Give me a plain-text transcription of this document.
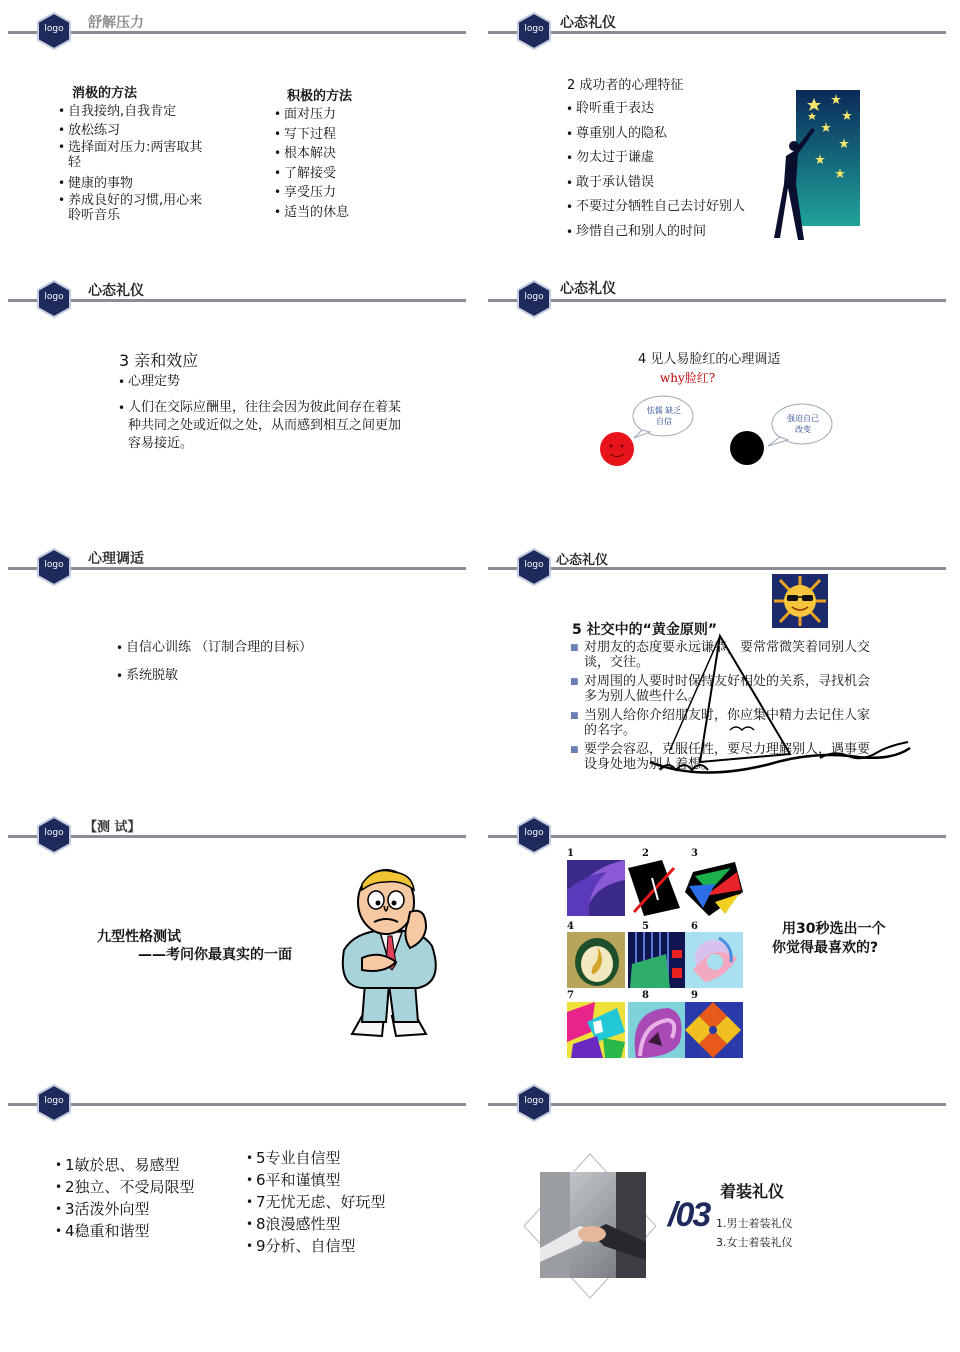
logo	舒解压力
消极的方法
• 自我接纳,自我肯定
• 放松练习
• 选择面对压力:两害取其轻
• 健康的事物
• 养成良好的习惯,用心来聆听音乐
积极的方法
• 面对压力
• 写下过程
• 根本解决
• 了解接受
• 享受压力
• 适当的休息
logo	心态礼仪
2 成功者的心理特征
• 聆听重于表达
• 尊重别人的隐私
• 勿太过于谦虚
• 敢于承认错误
• 不要过分牺牲自己去讨好别人
• 珍惜自己和别人的时间
logo	心态礼仪
3 亲和效应
• 心理定势
• 人们在交际应酬里，往往会因为彼此间存在着某种共同之处或近似之处，从而感到相互之间更加容易接近。
logo	心态礼仪
4 见人易脸红的心理调适
why脸红?
怯懦 缺乏自信	强迫自己 改变
logo	心理调适
• 自信心训练 （订制合理的目标）
• 系统脱敏
logo 心态礼仪
5 社交中的“黄金原则”
■ 对朋友的态度要永远谦恭，要常常微笑着同别人交谈，交往。
■ 对周围的人要时时保持友好相处的关系，寻找机会多为别人做些什么。
■ 当别人给你介绍朋友时，你应集中精力去记住人家的名字。
■ 要学会容忍，克服任性，要尽力理解别人，遇事要设身处地为别人着想。
logo	【测 试】
九型性格测试
——考问你最真实的一面
logo
1	2	3
4	5	6
7	8	9
用30秒选出一个
你觉得最喜欢的?
logo
• 1敏於思、易感型
• 2独立、不受局限型
• 3活泼外向型
• 4稳重和谐型
• 5专业自信型
• 6平和谨慎型
• 7无忧无虑、好玩型
• 8浪漫感性型
• 9分析、自信型
logo
/03
着装礼仪
1.男士着装礼仪
3.女士着装礼仪
